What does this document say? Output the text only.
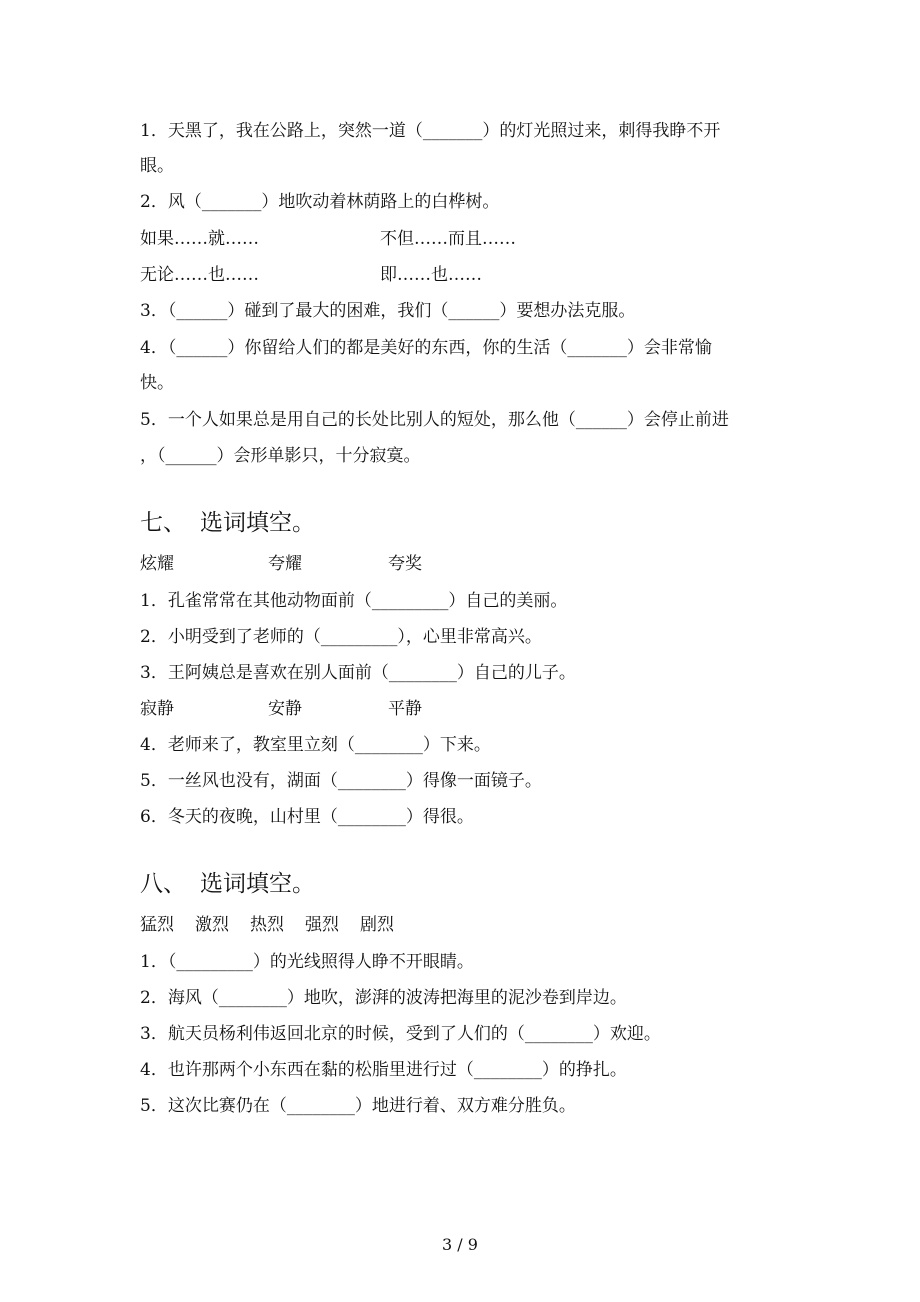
1．天黑了，我在公路上，突然一道（_______）的灯光照过来，刺得我睁不开
眼。
2．风（_______）地吹动着林荫路上的白桦树。
如果……就……	不但……而且……
无论……也……	即……也……
3．（______）碰到了最大的困难，我们（______）要想办法克服。
4．（______）你留给人们的都是美好的东西，你的生活（_______）会非常愉
快。
5．一个人如果总是用自己的长处比别人的短处，那么他（______）会停止前进
，（______）会形单影只，十分寂寞。
七、 选词填空。
炫耀	夸耀	夸奖
1．孔雀常常在其他动物面前（_________）自己的美丽。
2．小明受到了老师的（_________），心里非常高兴。
3．王阿姨总是喜欢在别人面前（________）自己的儿子。
寂静	安静	平静
4．老师来了，教室里立刻（________）下来。
5．一丝风也没有，湖面（________）得像一面镜子。
6．冬天的夜晚，山村里（________）得很。
八、 选词填空。
猛烈 激烈 热烈 强烈 剧烈
1．（_________）的光线照得人睁不开眼睛。
2．海风（________）地吹，澎湃的波涛把海里的泥沙卷到岸边。
3．航天员杨利伟返回北京的时候，受到了人们的（________）欢迎。
4．也许那两个小东西在黏的松脂里进行过（________）的挣扎。
5．这次比赛仍在（________）地进行着、双方难分胜负。
3 / 9
